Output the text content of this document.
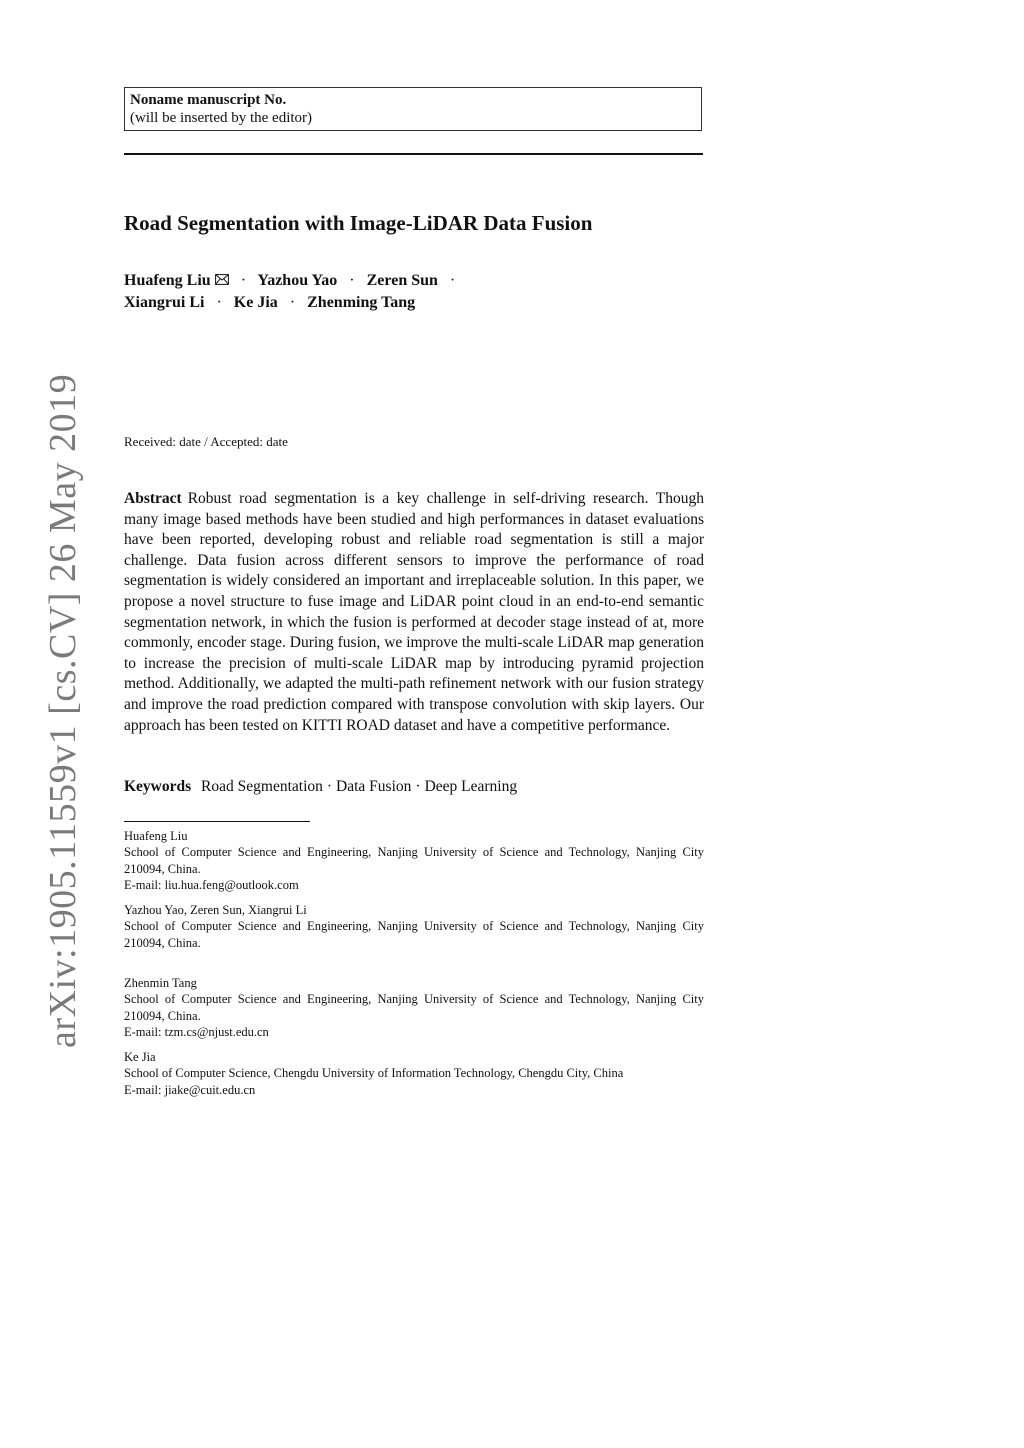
arXiv:1905.11559v1 [cs.CV] 26 May 2019
Noname manuscript No.
(will be inserted by the editor)
Road Segmentation with Image-LiDAR Data Fusion
Huafeng Liu · Yazhou Yao · Zeren Sun ·
Xiangrui Li · Ke Jia · Zhenming Tang
Received: date / Accepted: date

Abstract Robust road segmentation is a key challenge in self-driving research. Though many image based methods have been studied and high performances in dataset evaluations have been reported, developing robust and reliable road segmentation is still a major challenge. Data fusion across different sensors to improve the performance of road segmentation is widely considered an important and irreplaceable solution. In this paper, we propose a novel structure to fuse image and LiDAR point cloud in an end-to-end semantic segmentation network, in which the fusion is performed at decoder stage instead of at, more commonly, encoder stage. During fusion, we improve the multi-scale LiDAR map generation to increase the precision of multi-scale LiDAR map by introducing pyramid projection method. Additionally, we adapted the multi-path refinement network with our fusion strategy and improve the road prediction compared with transpose convolution with skip layers. Our approach has been tested on KITTI ROAD dataset and have a competitive performance.

Keywords Road Segmentation · Data Fusion · Deep Learning
Huafeng Liu
School of Computer Science and Engineering, Nanjing University of Science and Technology, Nanjing City 210094, China.
E-mail: liu.hua.feng@outlook.com
Yazhou Yao, Zeren Sun, Xiangrui Li
School of Computer Science and Engineering, Nanjing University of Science and Technology, Nanjing City 210094, China.
Zhenmin Tang
School of Computer Science and Engineering, Nanjing University of Science and Technology, Nanjing City 210094, China.
E-mail: tzm.cs@njust.edu.cn
Ke Jia
School of Computer Science, Chengdu University of Information Technology, Chengdu City, China
E-mail: jiake@cuit.edu.cn
